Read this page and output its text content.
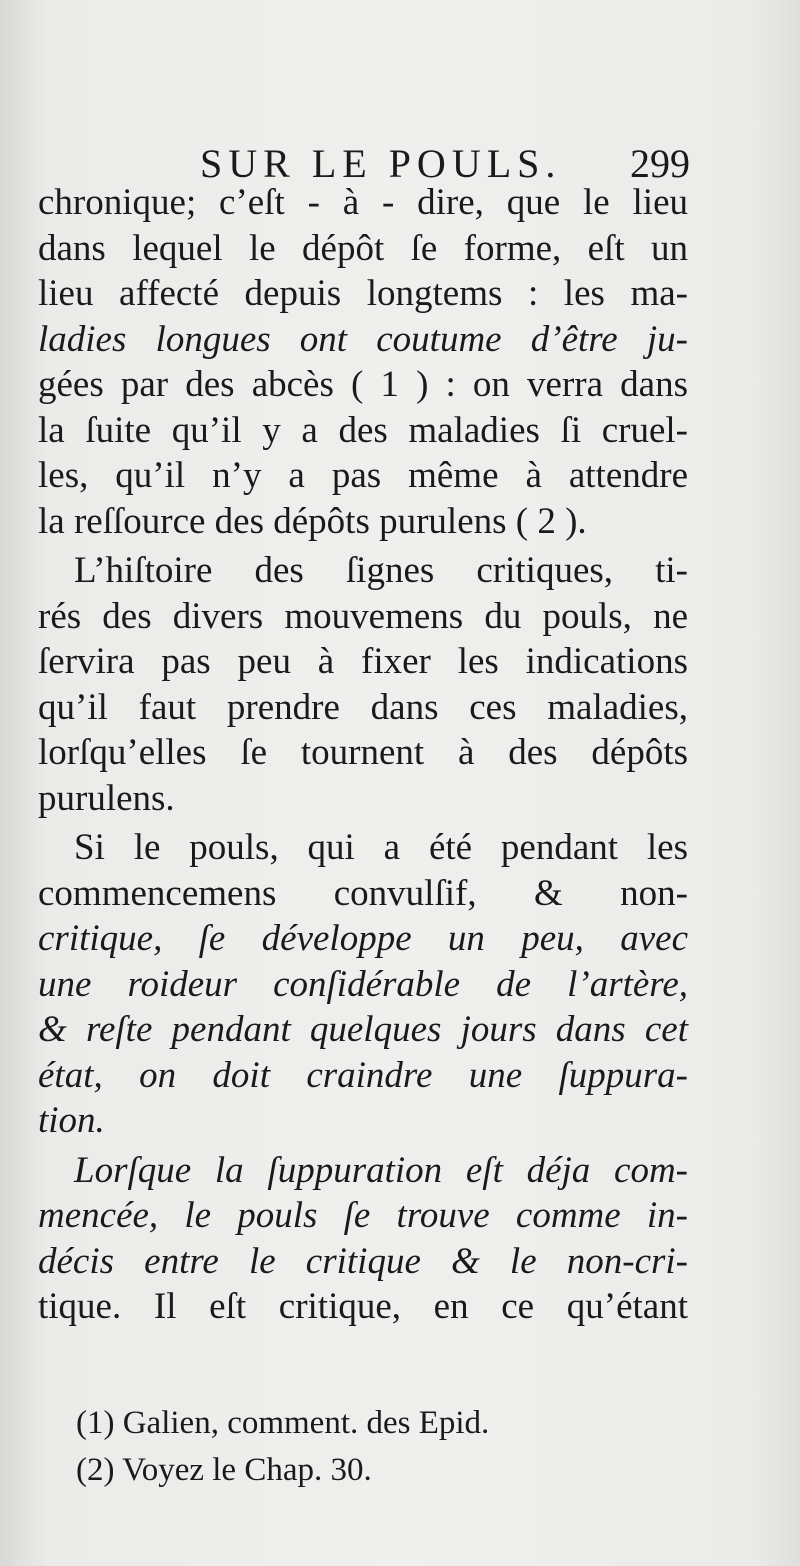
SUR LE POULS. 299
chronique; c’eſt - à - dire, que le lieu
dans lequel le dépôt ſe forme, eſt un
lieu affecté depuis longtems : les ma-
ladies longues ont coutume d’être ju-
gées par des abcès ( 1 ) : on verra dans
la ſuite qu’il y a des maladies ſi cruel-
les, qu’il n’y a pas même à attendre
la reſſource des dépôts purulens ( 2 ).
L’hiſtoire des ſignes critiques, ti-
rés des divers mouvemens du pouls, ne
ſervira pas peu à fixer les indications
qu’il faut prendre dans ces maladies,
lorſqu’elles ſe tournent à des dépôts
purulens.
Si le pouls, qui a été pendant les
commencemens convulſif, & non-
critique, ſe développe un peu, avec
une roideur conſidérable de l’artère,
& reſte pendant quelques jours dans cet
état, on doit craindre une ſuppura-
tion.
Lorſque la ſuppuration eſt déja com-
mencée, le pouls ſe trouve comme in-
décis entre le critique & le non-cri-
tique. Il eſt critique, en ce qu’étant
(1) Galien, comment. des Epid.
(2) Voyez le Chap. 30.
